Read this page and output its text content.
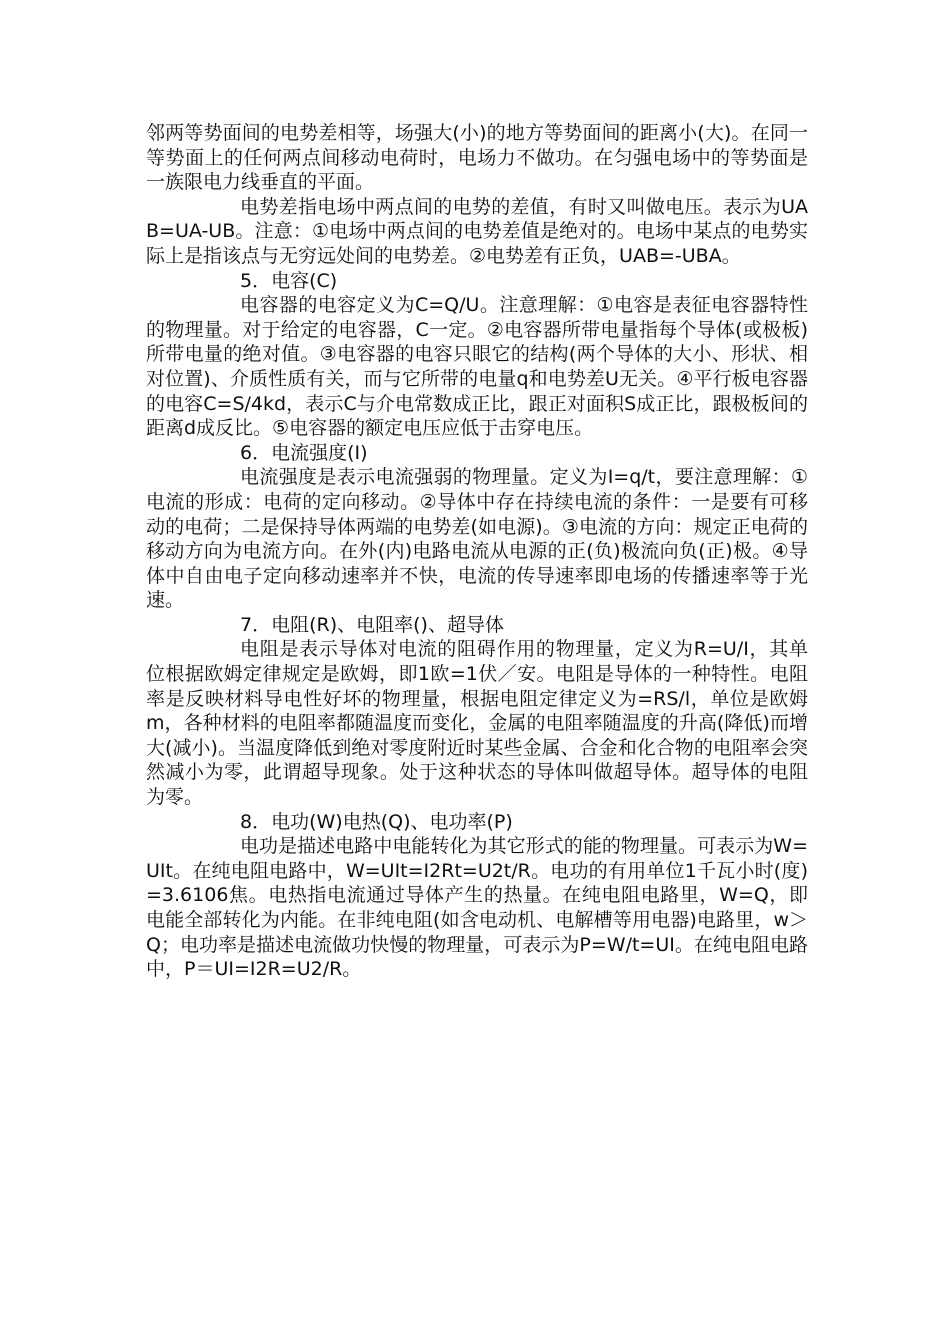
邻两等势面间的电势差相等，场强大(小)的地方等势面间的距离小(大)。在同一等势面上的任何两点间移动电荷时，电场力不做功。在匀强电场中的等势面是一族限电力线垂直的平面。

电势差指电场中两点间的电势的差值，有时又叫做电压。表示为UAB=UA-UB。注意：①电场中两点间的电势差值是绝对的。电场中某点的电势实际上是指该点与无穷远处间的电势差。②电势差有正负，UAB=-UBA。

5．电容(C)

电容器的电容定义为C=Q/U。注意理解：①电容是表征电容器特性的物理量。对于给定的电容器，C一定。②电容器所带电量指每个导体(或极板)所带电量的绝对值。③电容器的电容只眼它的结构(两个导体的大小、形状、相对位置)、介质性质有关，而与它所带的电量q和电势差U无关。④平行板电容器的电容C=S/4kd，表示C与介电常数成正比，跟正对面积S成正比，跟极板间的距离d成反比。⑤电容器的额定电压应低于击穿电压。

6．电流强度(I)

电流强度是表示电流强弱的物理量。定义为I=q/t，要注意理解：①电流的形成：电荷的定向移动。②导体中存在持续电流的条件：一是要有可移动的电荷；二是保持导体两端的电势差(如电源)。③电流的方向：规定正电荷的移动方向为电流方向。在外(内)电路电流从电源的正(负)极流向负(正)极。④导体中自由电子定向移动速率并不快，电流的传导速率即电场的传播速率等于光速。

7．电阻(R)、电阻率()、超导体

电阻是表示导体对电流的阻碍作用的物理量，定义为R=U/I，其单位根据欧姆定律规定是欧姆，即1欧=1伏／安。电阻是导体的一种特性。电阻率是反映材料导电性好坏的物理量，根据电阻定律定义为=RS/l，单位是欧姆m，各种材料的电阻率都随温度而变化，金属的电阻率随温度的升高(降低)而增大(减小)。当温度降低到绝对零度附近时某些金属、合金和化合物的电阻率会突然减小为零，此谓超导现象。处于这种状态的导体叫做超导体。超导体的电阻为零。

8．电功(W)电热(Q)、电功率(P)

电功是描述电路中电能转化为其它形式的能的物理量。可表示为W=UIt。在纯电阻电路中，W=UIt=I2Rt=U2t/R。电功的有用单位1千瓦小时(度)=3.6106焦。电热指电流通过导体产生的热量。在纯电阻电路里，W=Q，即电能全部转化为内能。在非纯电阻(如含电动机、电解槽等用电器)电路里，w＞Q；电功率是描述电流做功快慢的物理量，可表示为P=W/t=UI。在纯电阻电路中，P＝UI=I2R=U2/R。
